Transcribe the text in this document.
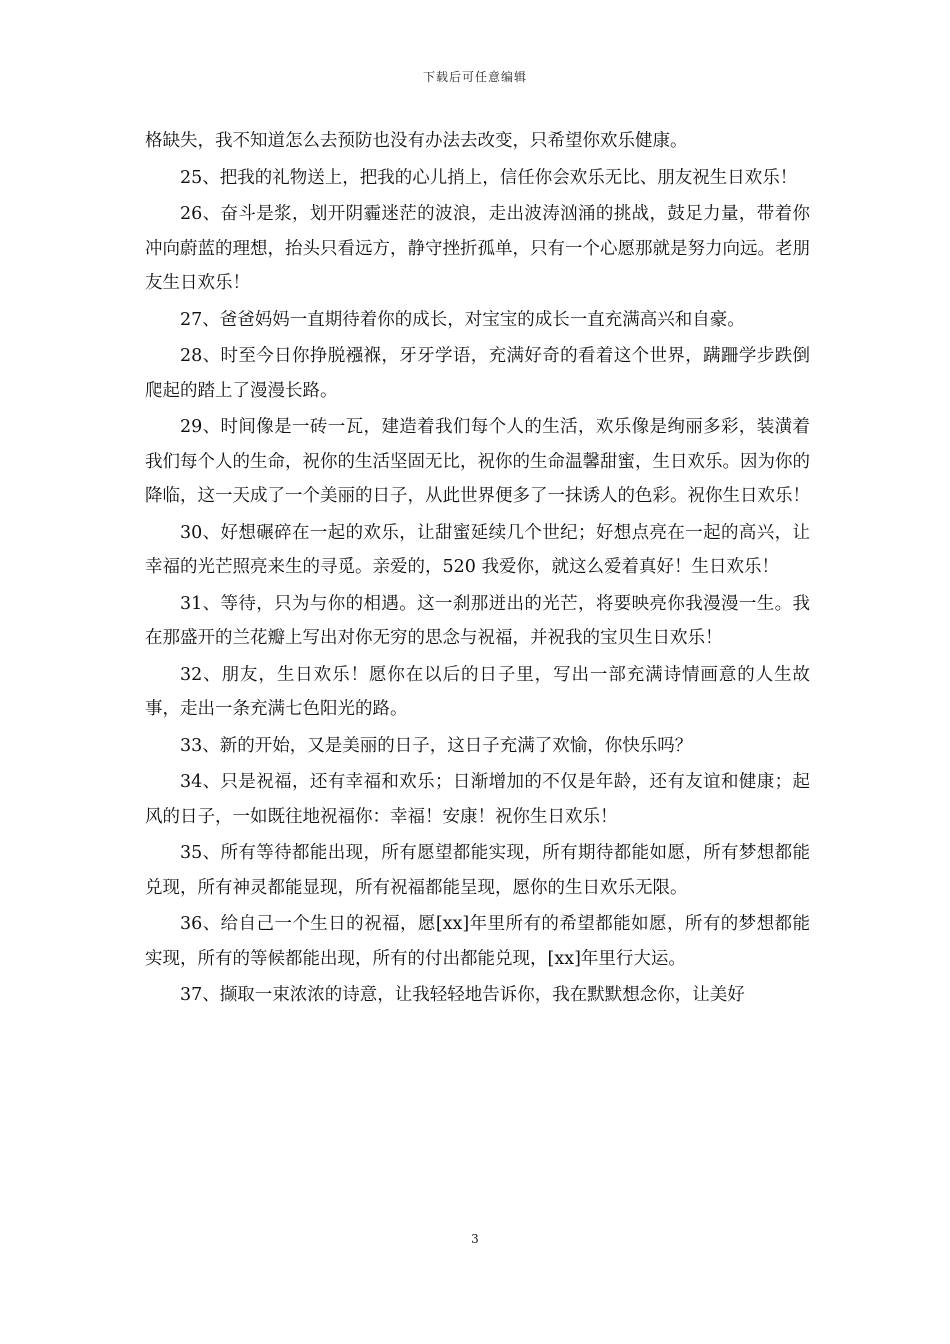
下载后可任意编辑

格缺失，我不知道怎么去预防也没有办法去改变，只希望你欢乐健康。

25、把我的礼物送上，把我的心儿捎上，信任你会欢乐无比、朋友祝生日欢乐！

26、奋斗是浆，划开阴霾迷茫的波浪，走出波涛汹涌的挑战，鼓足力量，带着你冲向蔚蓝的理想，抬头只看远方，静守挫折孤单，只有一个心愿那就是努力向远。老朋友生日欢乐！

27、爸爸妈妈一直期待着你的成长，对宝宝的成长一直充满高兴和自豪。

28、时至今日你挣脱襁褓，牙牙学语，充满好奇的看着这个世界，蹒跚学步跌倒爬起的踏上了漫漫长路。

29、时间像是一砖一瓦，建造着我们每个人的生活，欢乐像是绚丽多彩，装潢着我们每个人的生命，祝你的生活坚固无比，祝你的生命温馨甜蜜，生日欢乐。因为你的降临，这一天成了一个美丽的日子，从此世界便多了一抹诱人的色彩。祝你生日欢乐！

30、好想碾碎在一起的欢乐，让甜蜜延续几个世纪；好想点亮在一起的高兴，让幸福的光芒照亮来生的寻觅。亲爱的，520 我爱你，就这么爱着真好！生日欢乐！

31、等待，只为与你的相遇。这一刹那迸出的光芒，将要映亮你我漫漫一生。我在那盛开的兰花瓣上写出对你无穷的思念与祝福，并祝我的宝贝生日欢乐！

32、朋友，生日欢乐！愿你在以后的日子里，写出一部充满诗情画意的人生故事，走出一条充满七色阳光的路。

33、新的开始，又是美丽的日子，这日子充满了欢愉，你快乐吗？

34、只是祝福，还有幸福和欢乐；日渐增加的不仅是年龄，还有友谊和健康；起风的日子，一如既往地祝福你：幸福！安康！祝你生日欢乐！

35、所有等待都能出现，所有愿望都能实现，所有期待都能如愿，所有梦想都能兑现，所有神灵都能显现，所有祝福都能呈现，愿你的生日欢乐无限。

36、给自己一个生日的祝福，愿[xx]年里所有的希望都能如愿，所有的梦想都能实现，所有的等候都能出现，所有的付出都能兑现，[xx]年里行大运。

37、撷取一束浓浓的诗意，让我轻轻地告诉你，我在默默想念你，让美好

3
